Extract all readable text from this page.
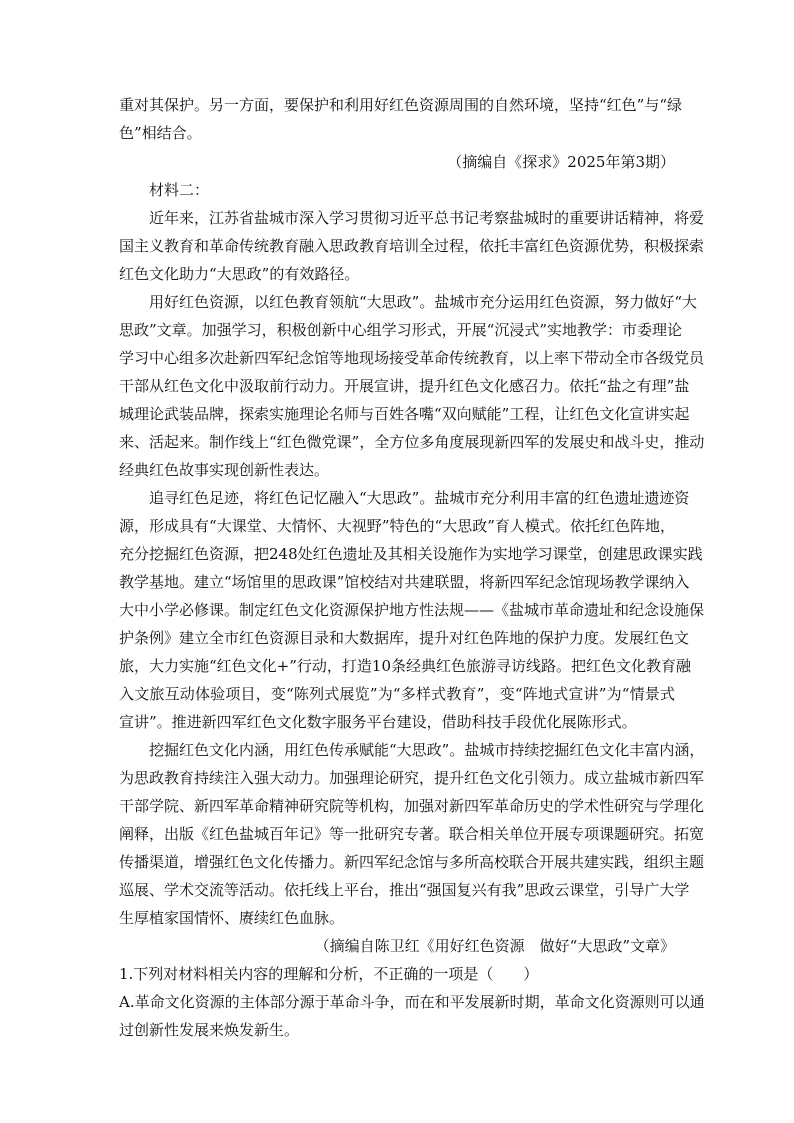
重对其保护。另一方面，要保护和利用好红色资源周围的自然环境，坚持“红色”与“绿
色”相结合。
（摘编自《探求》2025年第3期）
材料二：
近年来，江苏省盐城市深入学习贯彻习近平总书记考察盐城时的重要讲话精神，将爱
国主义教育和革命传统教育融入思政教育培训全过程，依托丰富红色资源优势，积极探索
红色文化助力“大思政”的有效路径。
用好红色资源，以红色教育领航“大思政”。盐城市充分运用红色资源，努力做好“大
思政”文章。加强学习，积极创新中心组学习形式，开展“沉浸式”实地教学：市委理论
学习中心组多次赴新四军纪念馆等地现场接受革命传统教育，以上率下带动全市各级党员
干部从红色文化中汲取前行动力。开展宣讲，提升红色文化感召力。依托“盐之有理”盐
城理论武装品牌，探索实施理论名师与百姓各嘴“双向赋能”工程，让红色文化宣讲实起
来、活起来。制作线上“红色微党课”，全方位多角度展现新四军的发展史和战斗史，推动
经典红色故事实现创新性表达。
追寻红色足迹，将红色记忆融入“大思政”。盐城市充分利用丰富的红色遗址遗迹资
源，形成具有“大课堂、大情怀、大视野”特色的“大思政”育人模式。依托红色阵地，
充分挖掘红色资源，把248处红色遗址及其相关设施作为实地学习课堂，创建思政课实践
教学基地。建立“场馆里的思政课”馆校结对共建联盟，将新四军纪念馆现场教学课纳入
大中小学必修课。制定红色文化资源保护地方性法规——《盐城市革命遗址和纪念设施保
护条例》建立全市红色资源目录和大数据库，提升对红色阵地的保护力度。发展红色文
旅，大力实施“红色文化+”行动，打造10条经典红色旅游寻访线路。把红色文化教育融
入文旅互动体验项目，变“陈列式展览”为“多样式教育”，变“阵地式宣讲”为“情景式
宣讲”。推进新四军红色文化数字服务平台建设，借助科技手段优化展陈形式。
挖掘红色文化内涵，用红色传承赋能“大思政”。盐城市持续挖掘红色文化丰富内涵，
为思政教育持续注入强大动力。加强理论研究，提升红色文化引领力。成立盐城市新四军
干部学院、新四军革命精神研究院等机构，加强对新四军革命历史的学术性研究与学理化
阐释，出版《红色盐城百年记》等一批研究专著。联合相关单位开展专项课题研究。拓宽
传播渠道，增强红色文化传播力。新四军纪念馆与多所高校联合开展共建实践，组织主题
巡展、学术交流等活动。依托线上平台，推出“强国复兴有我”思政云课堂，引导广大学
生厚植家国情怀、赓续红色血脉。
（摘编自陈卫红《用好红色资源　做好“大思政”文章》
1.下列对材料相关内容的理解和分析，不正确的一项是（　　）
A.革命文化资源的主体部分源于革命斗争，而在和平发展新时期，革命文化资源则可以通
过创新性发展来焕发新生。
